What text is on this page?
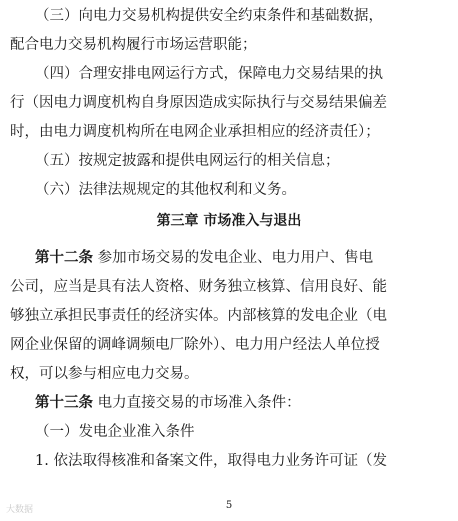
（三）向电力交易机构提供安全约束条件和基础数据，
配合电力交易机构履行市场运营职能；
（四）合理安排电网运行方式，保障电力交易结果的执
行（因电力调度机构自身原因造成实际执行与交易结果偏差
时，由电力调度机构所在电网企业承担相应的经济责任）；
（五）按规定披露和提供电网运行的相关信息；
（六）法律法规规定的其他权利和义务。
第三章 市场准入与退出
第十二条 参加市场交易的发电企业、电力用户、售电
公司，应当是具有法人资格、财务独立核算、信用良好、能
够独立承担民事责任的经济实体。内部核算的发电企业（电
网企业保留的调峰调频电厂除外）、电力用户经法人单位授
权，可以参与相应电力交易。
第十三条 电力直接交易的市场准入条件：
（一）发电企业准入条件
1. 依法取得核准和备案文件，取得电力业务许可证（发
5
大数据
